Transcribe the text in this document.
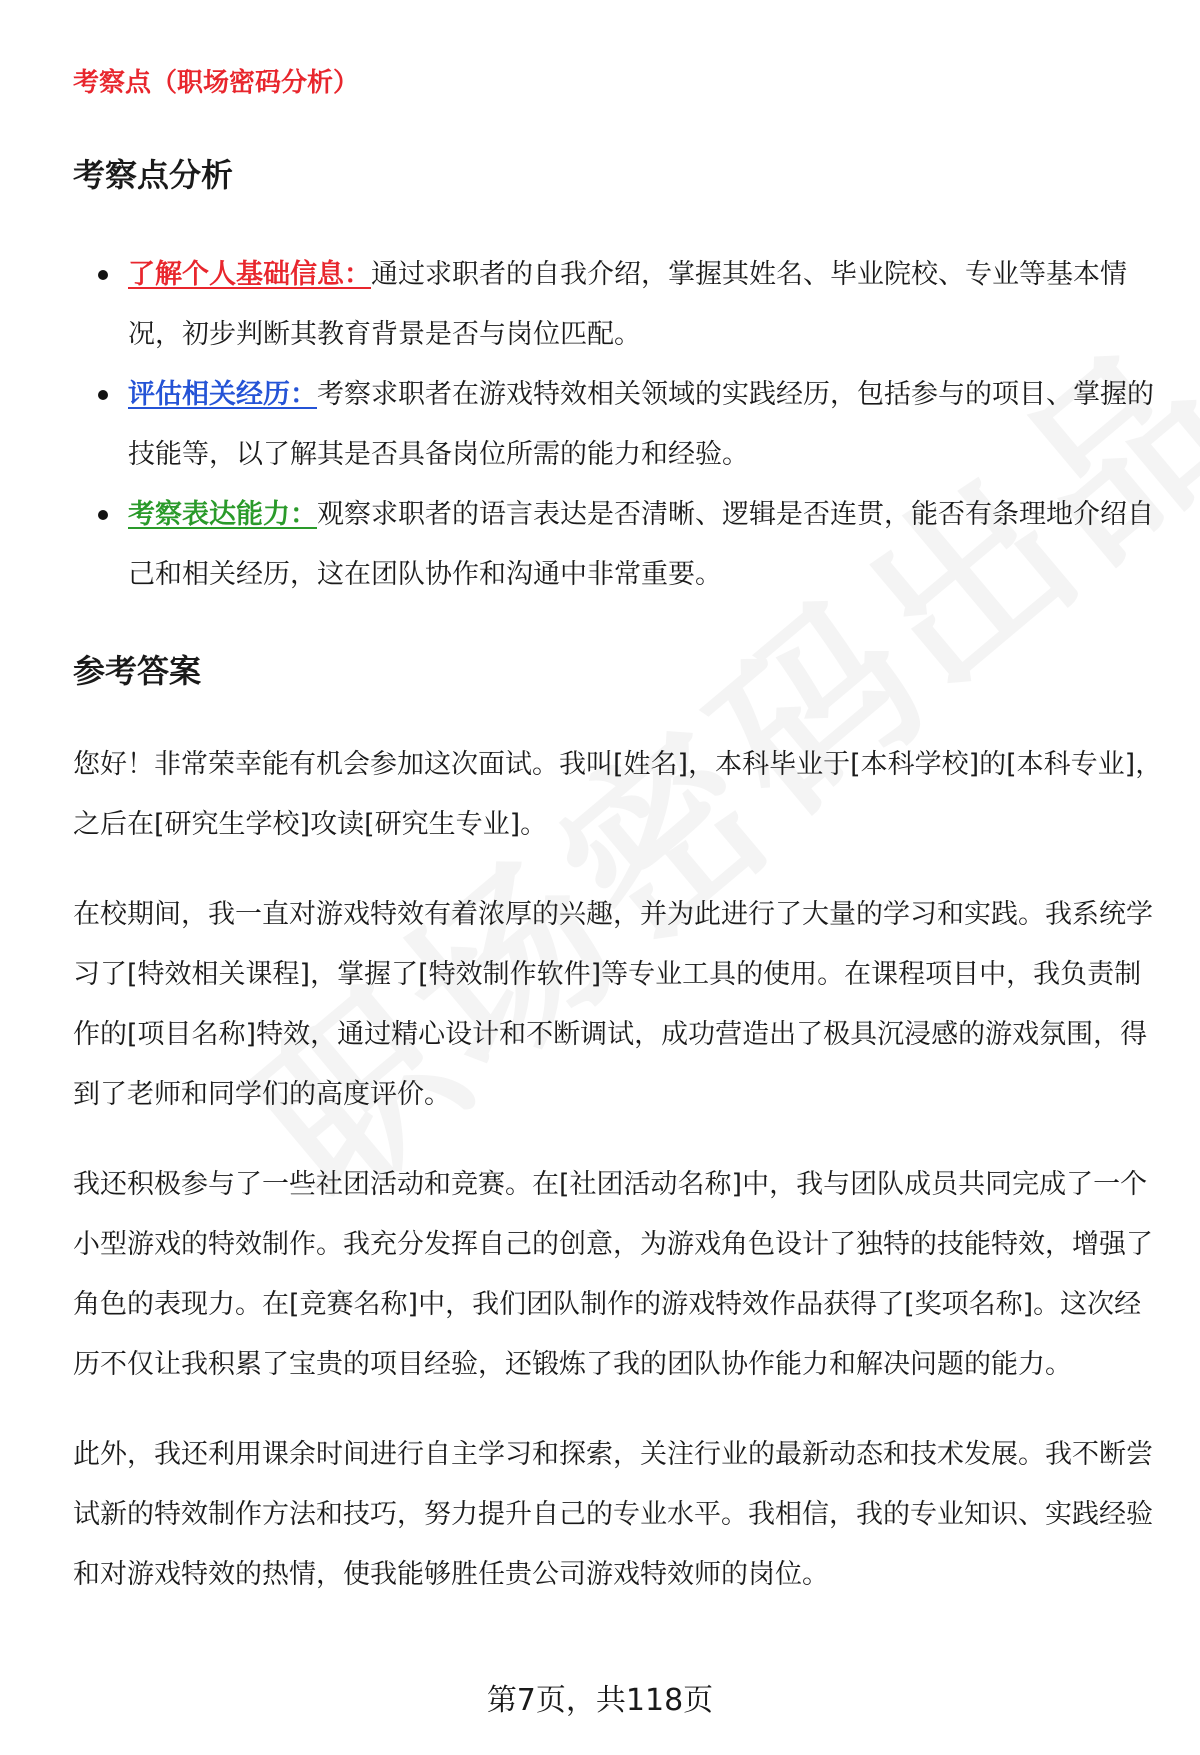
考察点（职场密码分析）
考察点分析
了解个人基础信息：通过求职者的自我介绍，掌握其姓名、毕业院校、专业等基本情况，初步判断其教育背景是否与岗位匹配。
评估相关经历：考察求职者在游戏特效相关领域的实践经历，包括参与的项目、掌握的技能等，以了解其是否具备岗位所需的能力和经验。
考察表达能力：观察求职者的语言表达是否清晰、逻辑是否连贯，能否有条理地介绍自己和相关经历，这在团队协作和沟通中非常重要。
参考答案

您好！非常荣幸能有机会参加这次面试。我叫[姓名]，本科毕业于[本科学校]的[本科专业]，之后在[研究生学校]攻读[研究生专业]。

在校期间，我一直对游戏特效有着浓厚的兴趣，并为此进行了大量的学习和实践。我系统学习了[特效相关课程]，掌握了[特效制作软件]等专业工具的使用。在课程项目中，我负责制作的[项目名称]特效，通过精心设计和不断调试，成功营造出了极具沉浸感的游戏氛围，得到了老师和同学们的高度评价。

我还积极参与了一些社团活动和竞赛。在[社团活动名称]中，我与团队成员共同完成了一个小型游戏的特效制作。我充分发挥自己的创意，为游戏角色设计了独特的技能特效，增强了角色的表现力。在[竞赛名称]中，我们团队制作的游戏特效作品获得了[奖项名称]。这次经历不仅让我积累了宝贵的项目经验，还锻炼了我的团队协作能力和解决问题的能力。

此外，我还利用课余时间进行自主学习和探索，关注行业的最新动态和技术发展。我不断尝试新的特效制作方法和技巧，努力提升自己的专业水平。我相信，我的专业知识、实践经验和对游戏特效的热情，使我能够胜任贵公司游戏特效师的岗位。

第7页，共118页
